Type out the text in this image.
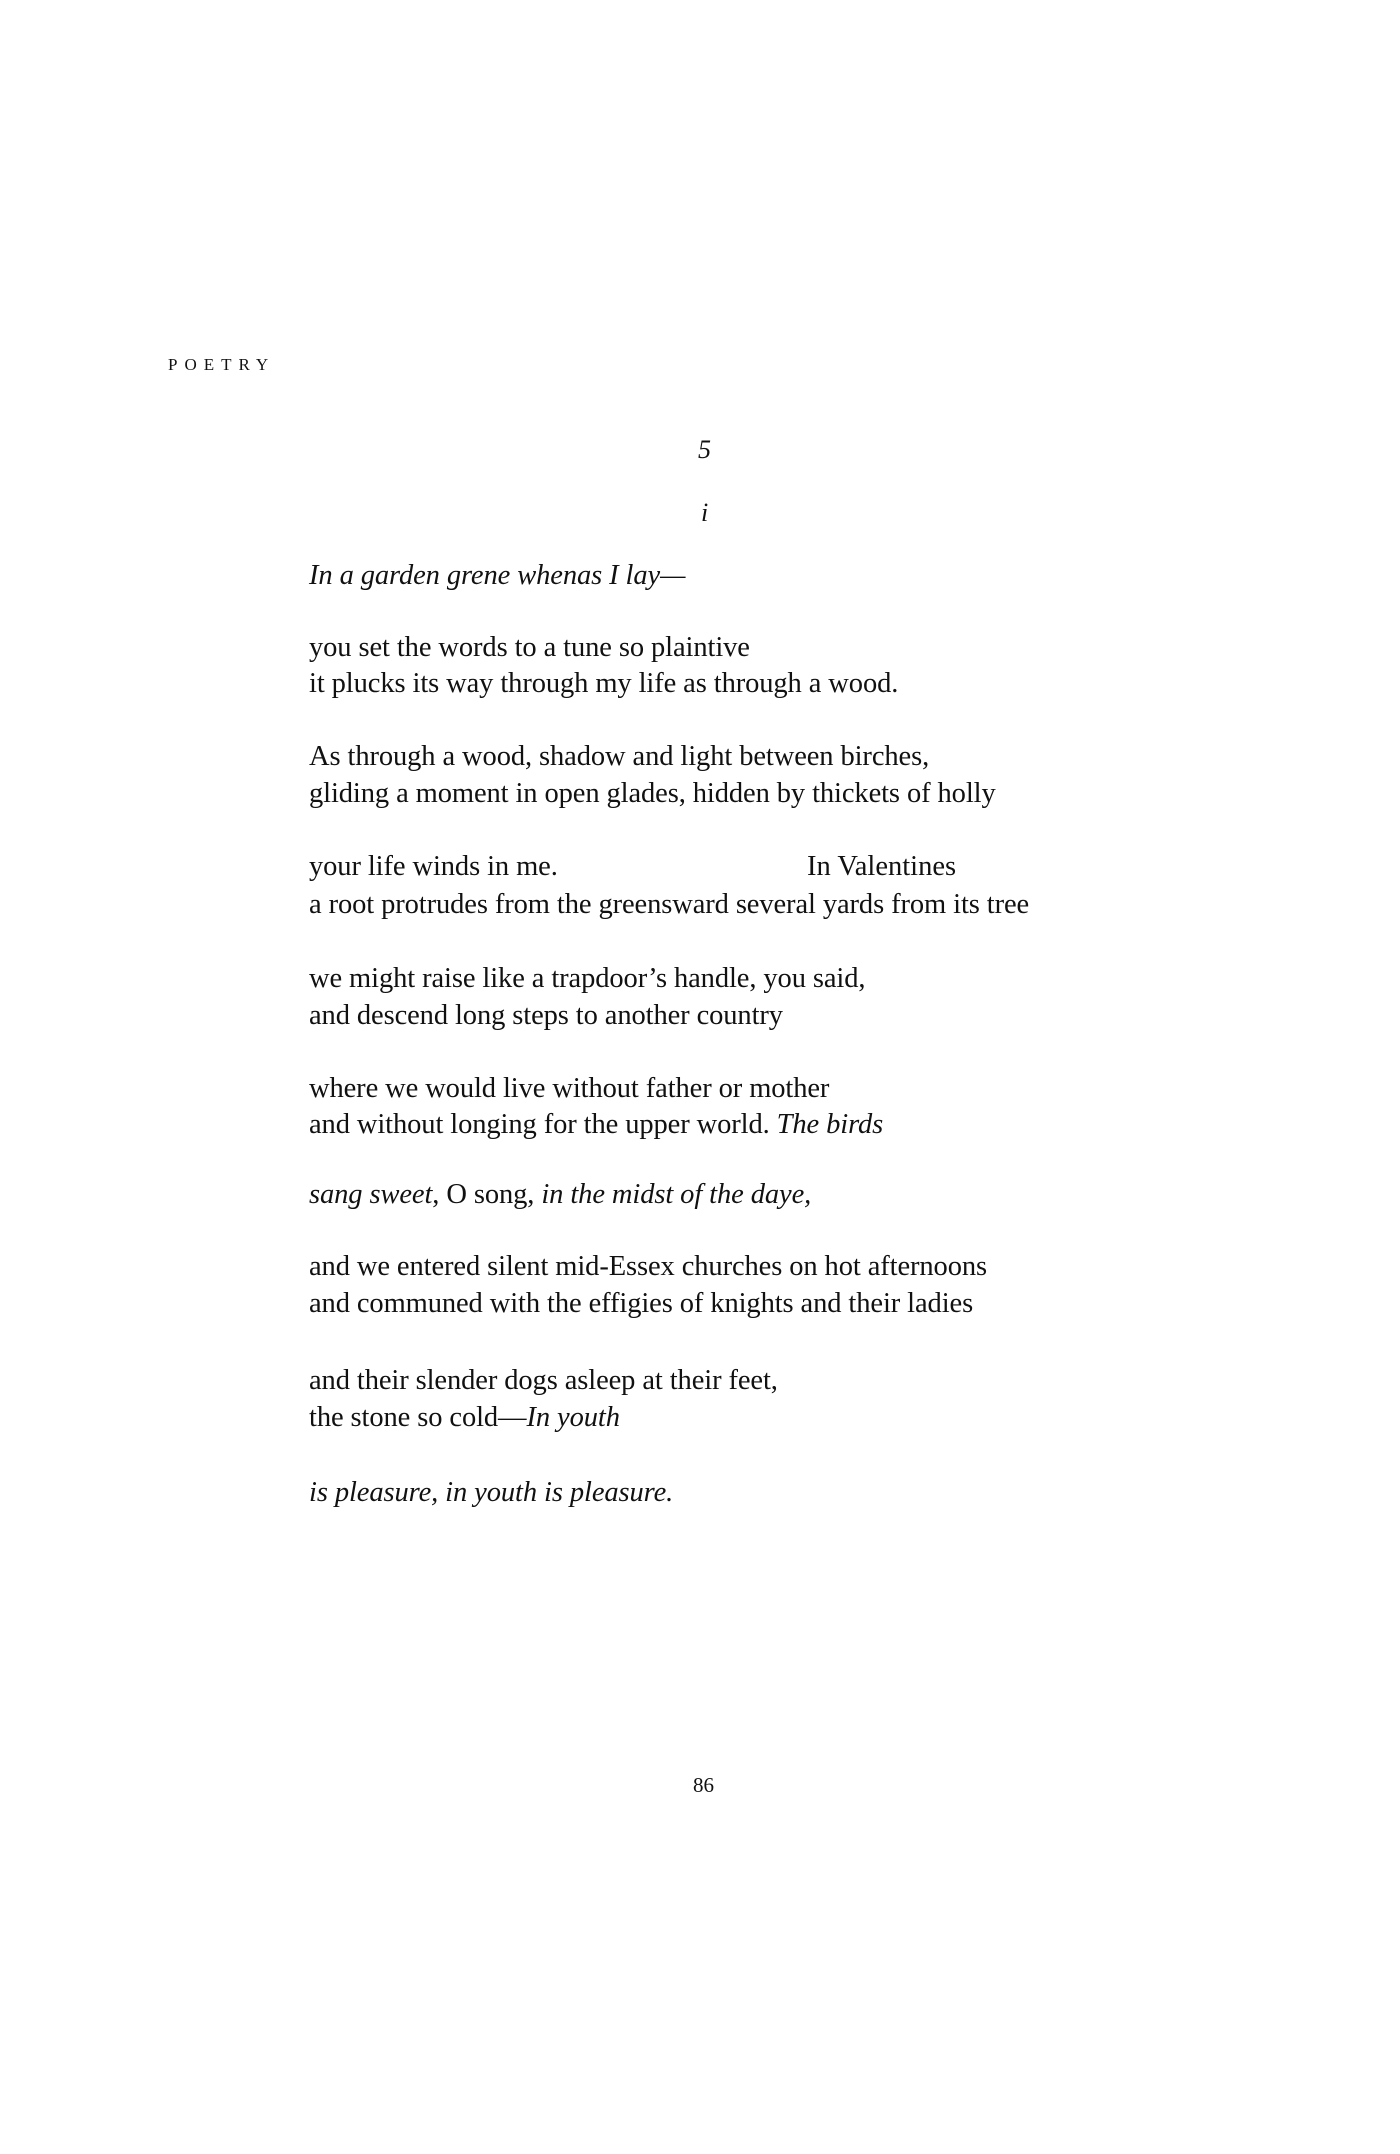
POETRY
5
i
In a garden grene whenas I lay—
you set the words to a tune so plaintive
it plucks its way through my life as through a wood.
As through a wood, shadow and light between birches,
gliding a moment in open glades, hidden by thickets of holly
your life winds in me.	In Valentines
a root protrudes from the greensward several yards from its tree
we might raise like a trapdoor’s handle, you said,
and descend long steps to another country
where we would live without father or mother
and without longing for the upper world. The birds
sang sweet, O song, in the midst of the daye,
and we entered silent mid-Essex churches on hot afternoons
and communed with the effigies of knights and their ladies
and their slender dogs asleep at their feet,
the stone so cold—In youth
is pleasure, in youth is pleasure.
86
